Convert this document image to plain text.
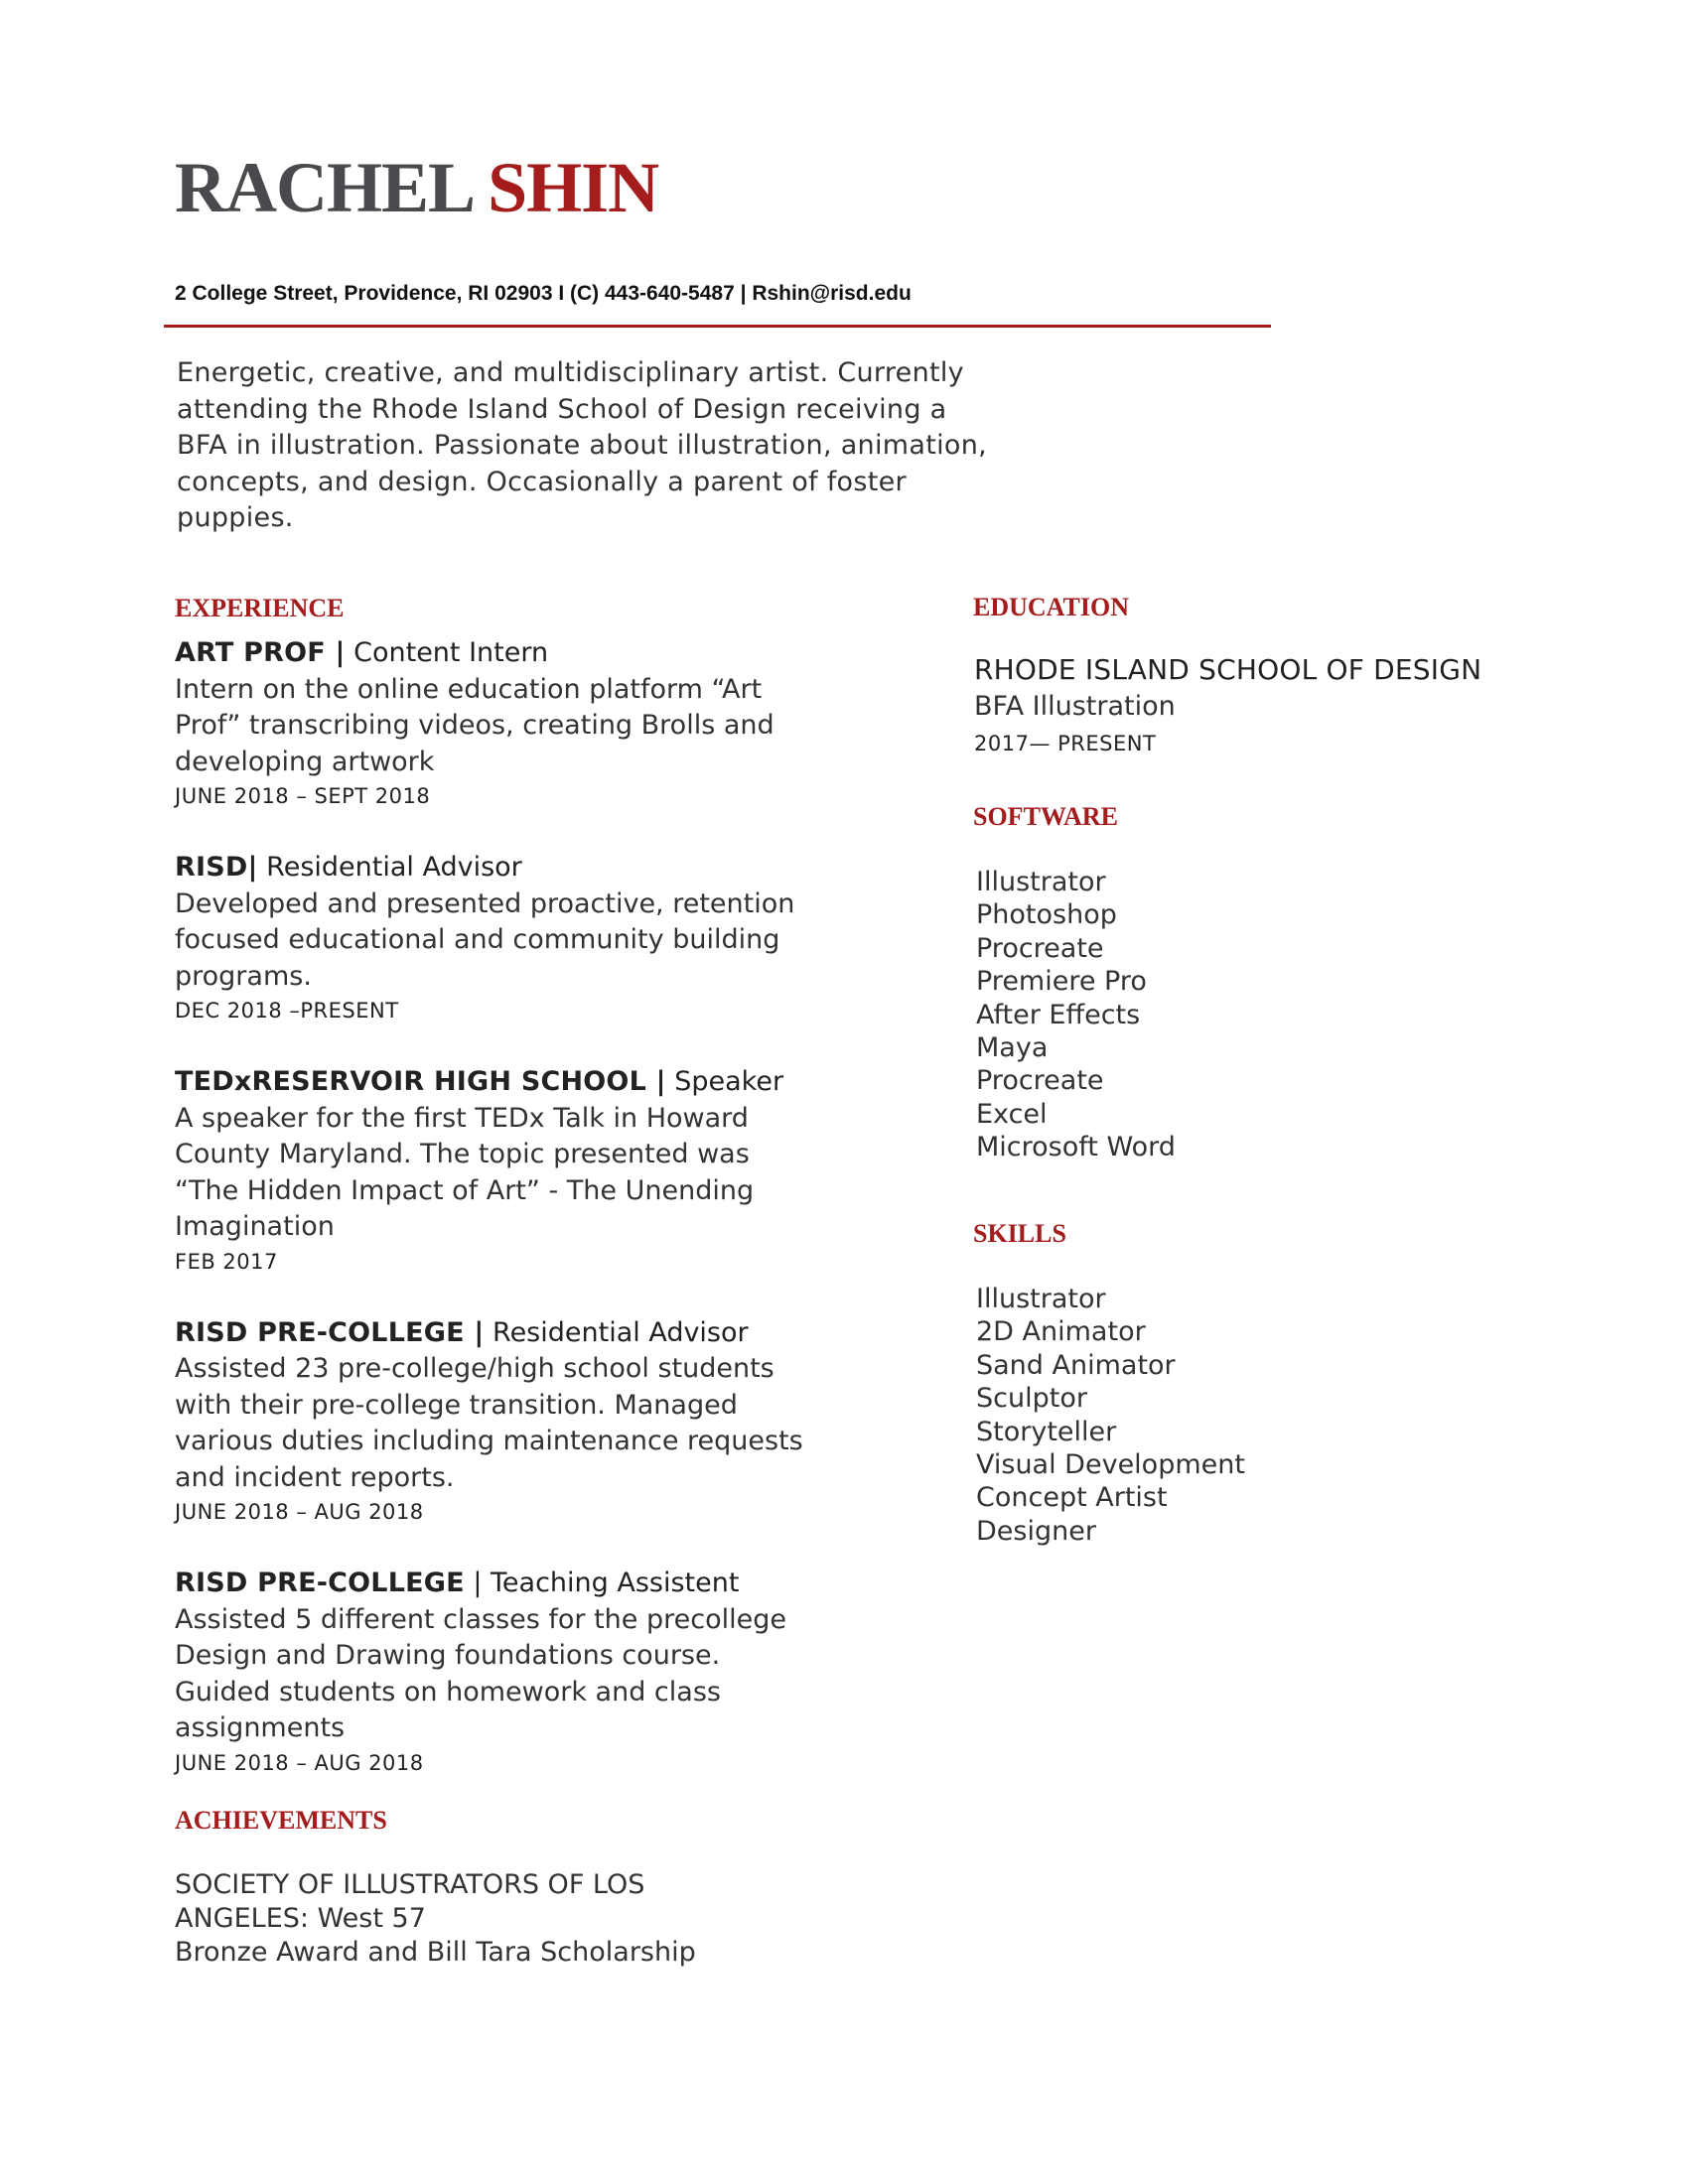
RACHEL SHIN
2 College Street, Providence, RI 02903 I (C) 443-640-5487 | Rshin@risd.edu
Energetic, creative, and multidisciplinary artist. Currently attending the Rhode Island School of Design receiving a BFA in illustration. Passionate about illustration, animation, concepts, and design. Occasionally a parent of foster puppies.
EXPERIENCE
ART PROF | Content Intern
Intern on the online education platform “Art Prof” transcribing videos, creating Brolls and developing artwork
JUNE 2018 – SEPT 2018
RISD| Residential Advisor
Developed and presented proactive, retention focused educational and community building programs.
DEC 2018 –PRESENT
TEDxRESERVOIR HIGH SCHOOL | Speaker
A speaker for the first TEDx Talk in Howard County Maryland. The topic presented was “The Hidden Impact of Art” - The Unending Imagination
FEB 2017
RISD PRE-COLLEGE | Residential Advisor
Assisted 23 pre-college/high school students with their pre-college transition. Managed various duties including maintenance requests and incident reports.
JUNE 2018 – AUG 2018
RISD PRE-COLLEGE | Teaching Assistent
Assisted 5 different classes for the precollege Design and Drawing foundations course. Guided students on homework and class assignments
JUNE 2018 – AUG 2018
ACHIEVEMENTS
SOCIETY OF ILLUSTRATORS OF LOS
ANGELES: West 57
Bronze Award and Bill Tara Scholarship
EDUCATION
RHODE ISLAND SCHOOL OF DESIGN
BFA Illustration
2017— PRESENT
SOFTWARE
Illustrator
Photoshop
Procreate
Premiere Pro
After Effects
Maya
Procreate
Excel
Microsoft Word
SKILLS
Illustrator
2D Animator
Sand Animator
Sculptor
Storyteller
Visual Development
Concept Artist
Designer
